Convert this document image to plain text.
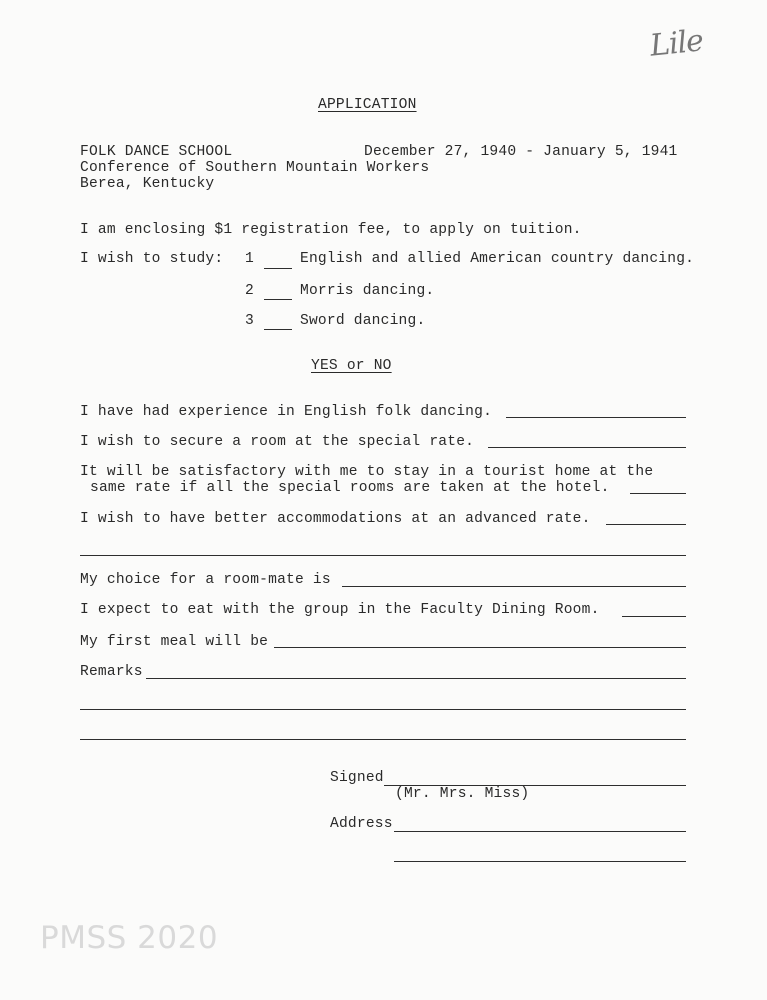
Lile
APPLICATION
FOLK DANCE SCHOOL	December 27, 1940 - January 5, 1941
Conference of Southern Mountain Workers
Berea, Kentucky
I am enclosing $1 registration fee, to apply on tuition.
I wish to study: 1	English and allied American country dancing.
2	Morris dancing.
3	Sword dancing.
YES or NO
I have had experience in English folk dancing.
I wish to secure a room at the special rate.
It will be satisfactory with me to stay in a tourist home at the
same rate if all the special rooms are taken at the hotel.
I wish to have better accommodations at an advanced rate.
My choice for a room-mate is
I expect to eat with the group in the Faculty Dining Room.
My first meal will be
Remarks
Signed
(Mr. Mrs. Miss)
Address
PMSS 2020
